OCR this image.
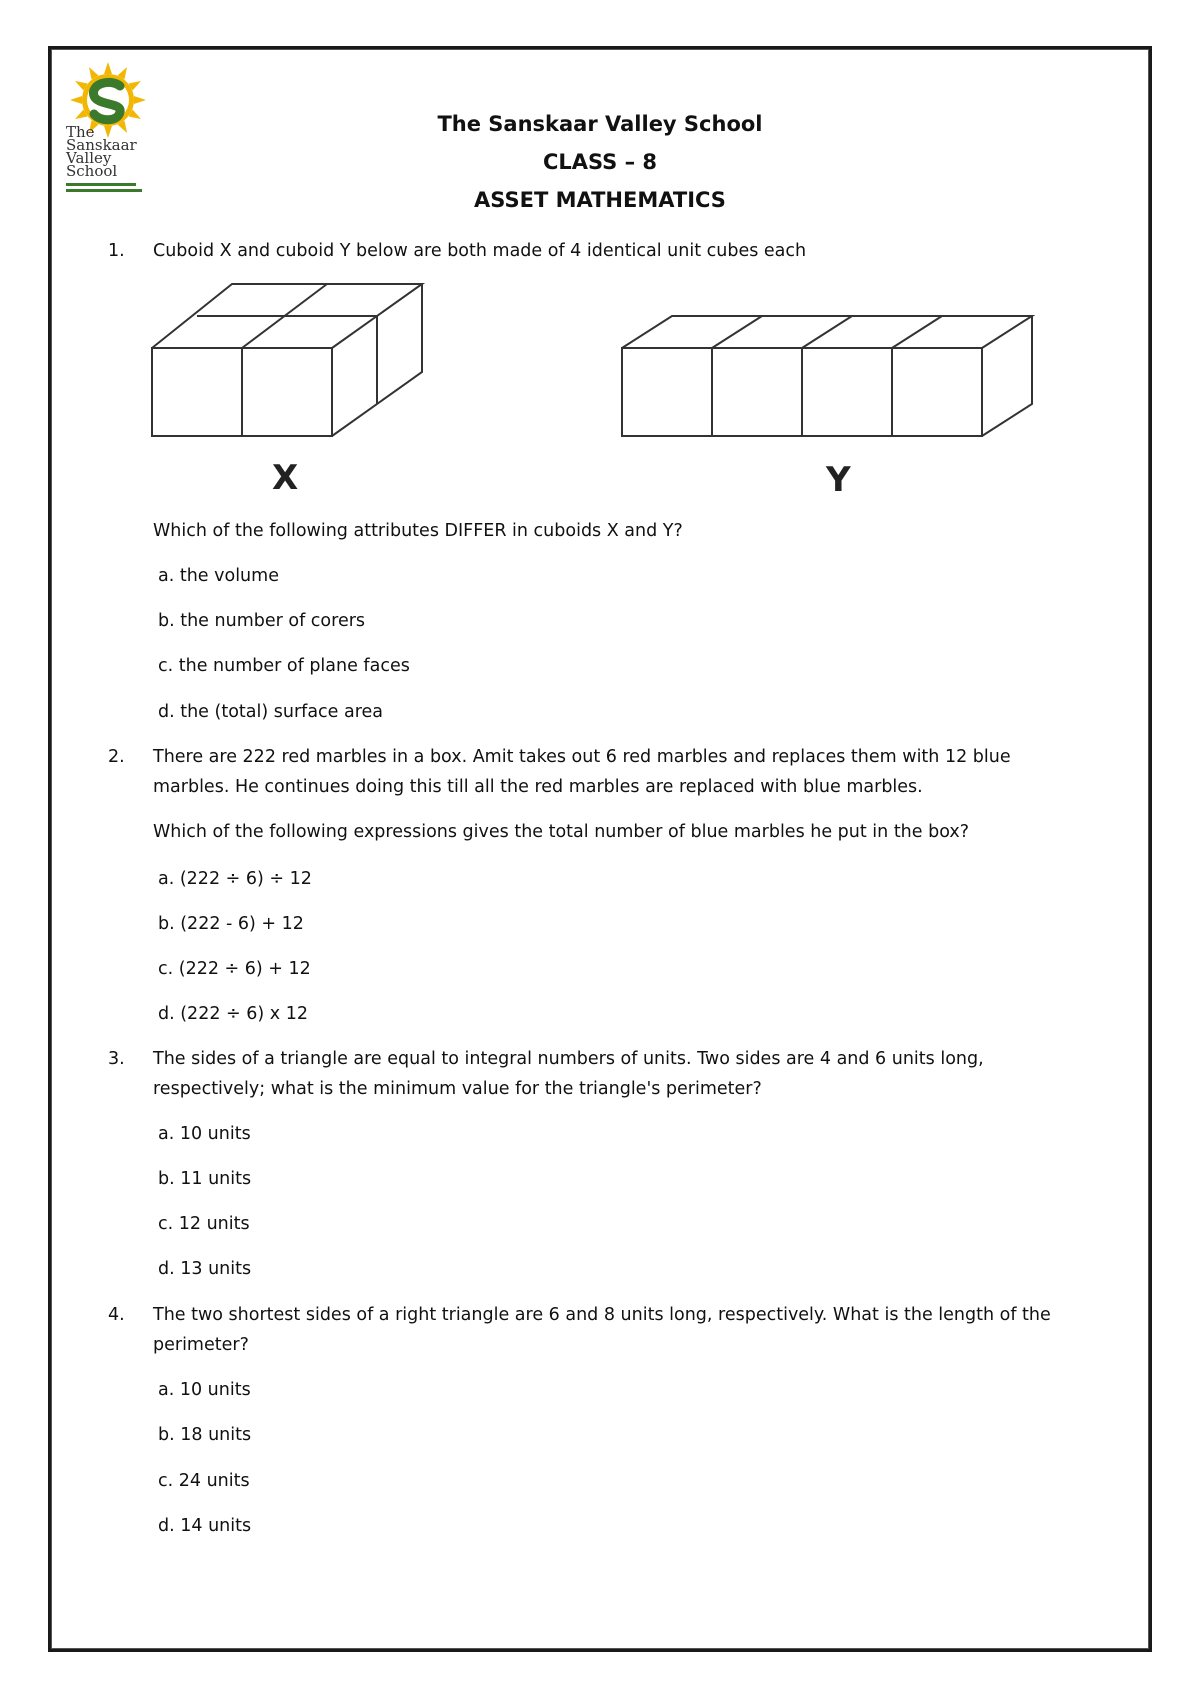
The
Sanskaar
Valley
School
The Sanskaar Valley School
CLASS – 8
ASSET MATHEMATICS
1. Cuboid X and cuboid Y below are both made of 4 identical unit cubes each
X	Y
Which of the following attributes DIFFER in cuboids X and Y?
a. the volume
b. the number of corers
c. the number of plane faces
d. the (total) surface area
2. There are 222 red marbles in a box. Amit takes out 6 red marbles and replaces them with 12 blue
marbles. He continues doing this till all the red marbles are replaced with blue marbles.
Which of the following expressions gives the total number of blue marbles he put in the box?
a. (222 ÷ 6) ÷ 12
b. (222 - 6) + 12
c. (222 ÷ 6) + 12
d. (222 ÷ 6) x 12
3. The sides of a triangle are equal to integral numbers of units. Two sides are 4 and 6 units long,
respectively; what is the minimum value for the triangle's perimeter?
a. 10 units
b. 11 units
c. 12 units
d. 13 units
4. The two shortest sides of a right triangle are 6 and 8 units long, respectively. What is the length of the
perimeter?
a. 10 units
b. 18 units
c. 24 units
d. 14 units
